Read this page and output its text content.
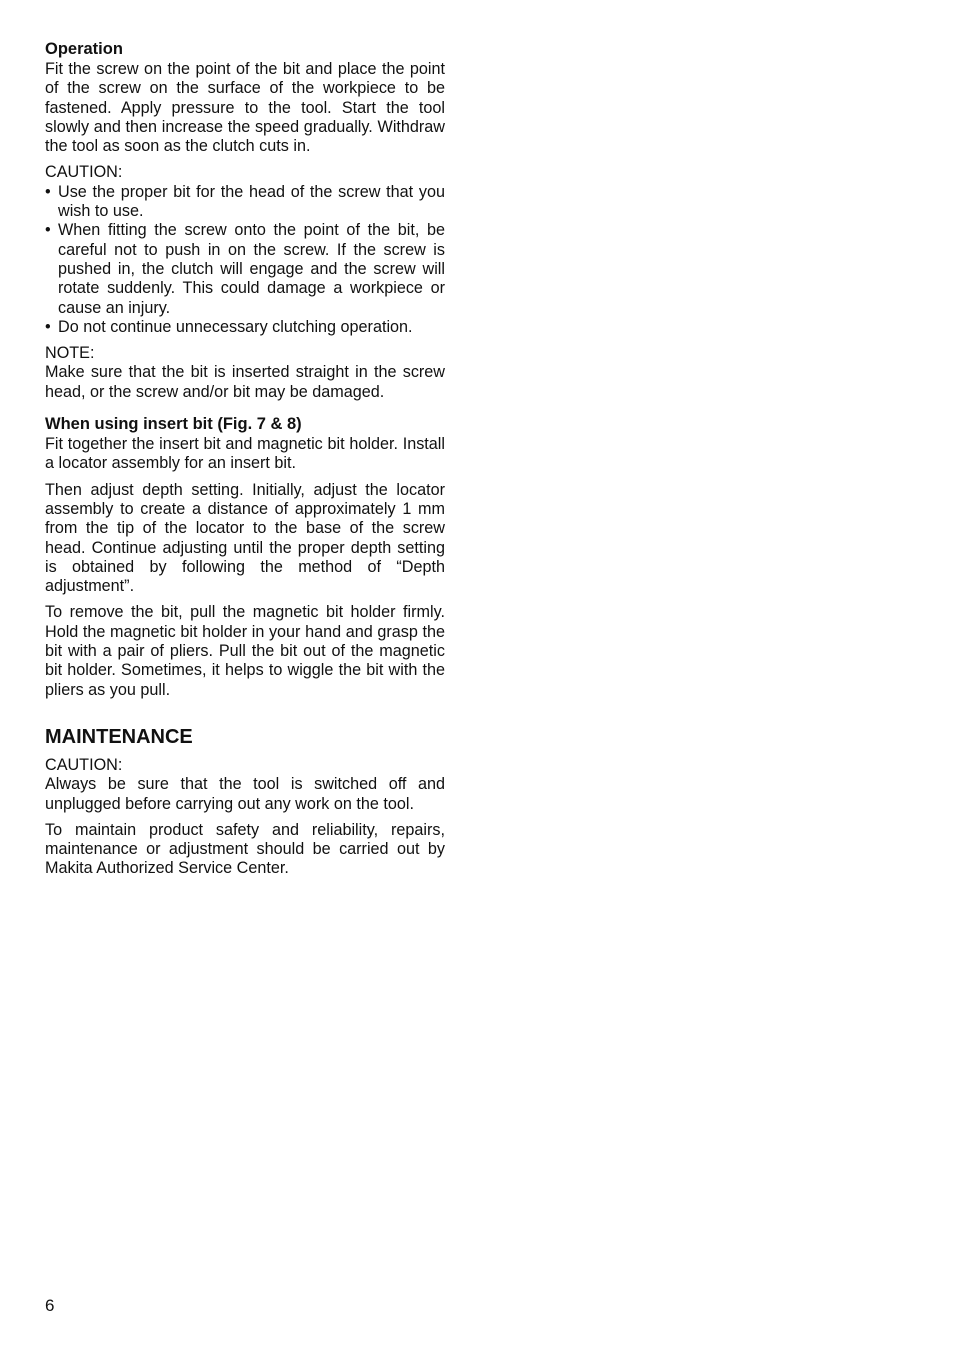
Operation

Fit the screw on the point of the bit and place the point of the screw on the surface of the workpiece to be fastened. Apply pressure to the tool. Start the tool slowly and then increase the speed gradually. Withdraw the tool as soon as the clutch cuts in.

CAUTION:
• Use the proper bit for the head of the screw that you wish to use.
• When fitting the screw onto the point of the bit, be careful not to push in on the screw. If the screw is pushed in, the clutch will engage and the screw will rotate suddenly. This could damage a workpiece or cause an injury.
• Do not continue unnecessary clutching operation.
NOTE:

Make sure that the bit is inserted straight in the screw head, or the screw and/or bit may be damaged.

When using insert bit (Fig. 7 & 8)

Fit together the insert bit and magnetic bit holder. Install a locator assembly for an insert bit.

Then adjust depth setting. Initially, adjust the locator assembly to create a distance of approximately 1 mm from the tip of the locator to the base of the screw head. Continue adjusting until the proper depth setting is obtained by following the method of “Depth adjustment”.

To remove the bit, pull the magnetic bit holder firmly. Hold the magnetic bit holder in your hand and grasp the bit with a pair of pliers. Pull the bit out of the magnetic bit holder. Sometimes, it helps to wiggle the bit with the pliers as you pull.

MAINTENANCE
CAUTION:

Always be sure that the tool is switched off and unplugged before carrying out any work on the tool.

To maintain product safety and reliability, repairs, maintenance or adjustment should be carried out by Makita Authorized Service Center.

6
